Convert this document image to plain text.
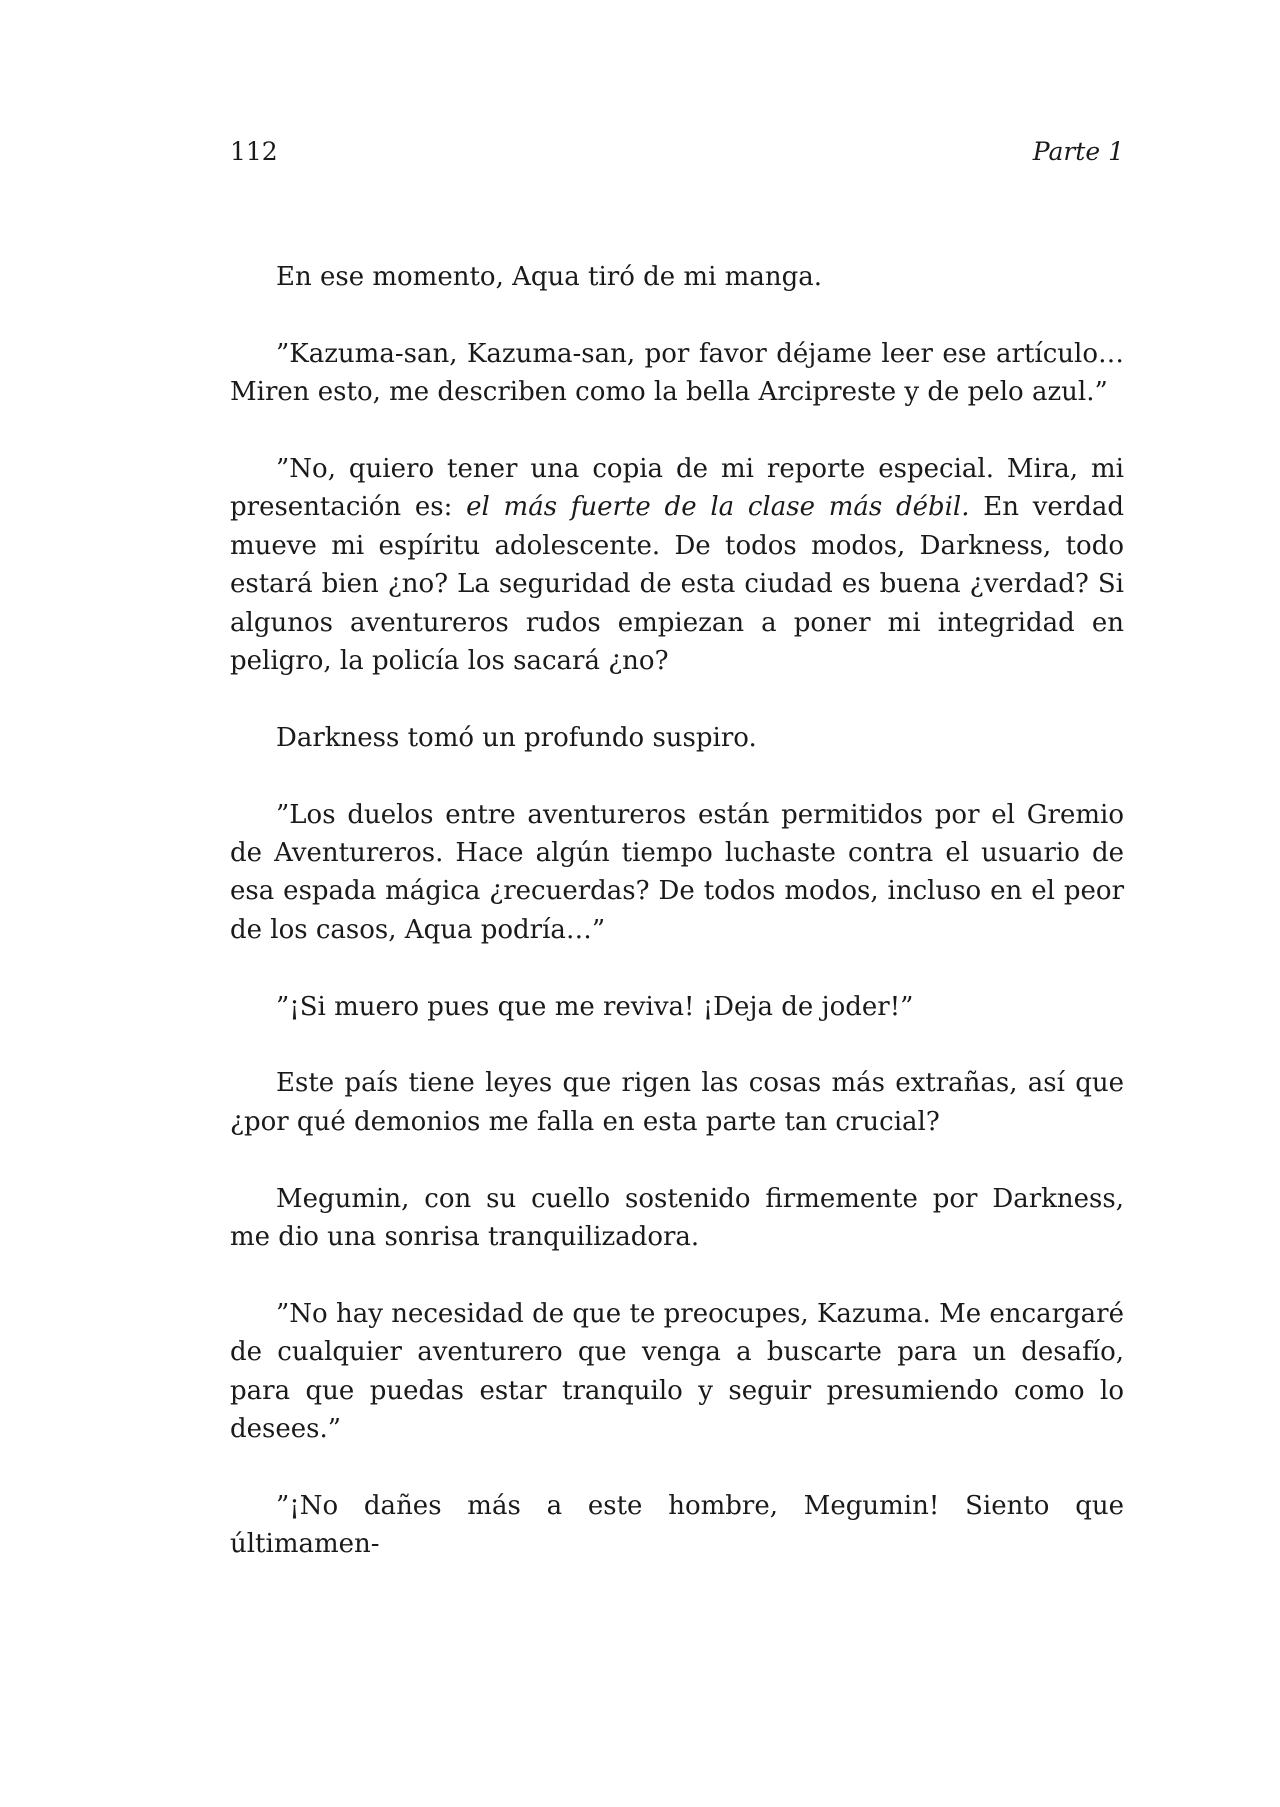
112	Parte 1

En ese momento, Aqua tiró de mi manga.

”Kazuma-san, Kazuma-san, por favor déjame leer ese artículo… Miren esto, me describen como la bella Arcipreste y de pelo azul.”

”No, quiero tener una copia de mi reporte especial. Mira, mi presentación es: el más fuerte de la clase más débil. En verdad mueve mi espíritu adolescente. De todos modos, Darkness, todo estará bien ¿no? La seguridad de esta ciudad es buena ¿verdad? Si algunos aventureros rudos empiezan a poner mi integridad en peligro, la policía los sacará ¿no?

Darkness tomó un profundo suspiro.

”Los duelos entre aventureros están permitidos por el Gremio de Aventureros. Hace algún tiempo luchaste contra el usuario de esa espada mágica ¿recuerdas? De todos modos, incluso en el peor de los casos, Aqua podría…”

”¡Si muero pues que me reviva! ¡Deja de joder!”

Este país tiene leyes que rigen las cosas más extrañas, así que ¿por qué demonios me falla en esta parte tan crucial?

Megumin, con su cuello sostenido firmemente por Darkness, me dio una sonrisa tranquilizadora.

”No hay necesidad de que te preocupes, Kazuma. Me encargaré de cualquier aventurero que venga a buscarte para un desafío, para que puedas estar tranquilo y seguir presumiendo como lo desees.”

”¡No dañes más a este hombre, Megumin! Siento que últimamen-
